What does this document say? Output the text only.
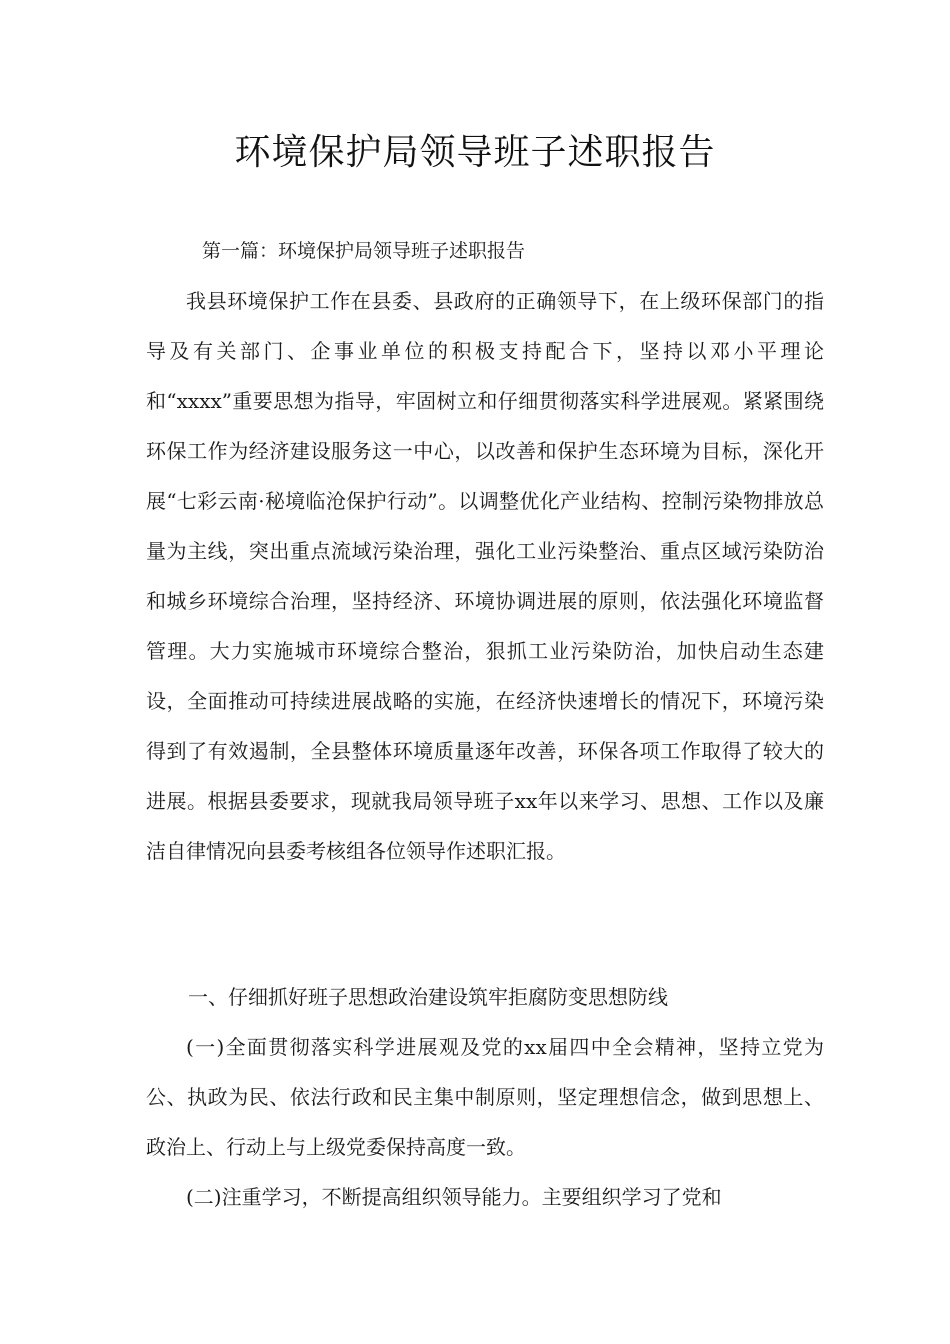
环境保护局领导班子述职报告
第一篇：环境保护局领导班子述职报告

我县环境保护工作在县委、县政府的正确领导下，在上级环保部门的指导及有关部门、企事业单位的积极支持配合下，坚持以邓小平理论和“xxxx”重要思想为指导，牢固树立和仔细贯彻落实科学进展观。紧紧围绕环保工作为经济建设服务这一中心，以改善和保护生态环境为目标，深化开展“七彩云南·秘境临沧保护行动”。以调整优化产业结构、控制污染物排放总量为主线，突出重点流域污染治理，强化工业污染整治、重点区域污染防治和城乡环境综合治理，坚持经济、环境协调进展的原则，依法强化环境监督管理。大力实施城市环境综合整治，狠抓工业污染防治，加快启动生态建设，全面推动可持续进展战略的实施，在经济快速增长的情况下，环境污染得到了有效遏制，全县整体环境质量逐年改善，环保各项工作取得了较大的进展。根据县委要求，现就我局领导班子xx年以来学习、思想、工作以及廉洁自律情况向县委考核组各位领导作述职汇报。

一、仔细抓好班子思想政治建设筑牢拒腐防变思想防线

(一)全面贯彻落实科学进展观及党的xx届四中全会精神，坚持立党为公、执政为民、依法行政和民主集中制原则，坚定理想信念，做到思想上、政治上、行动上与上级党委保持高度一致。

(二)注重学习，不断提高组织领导能力。主要组织学习了党和
